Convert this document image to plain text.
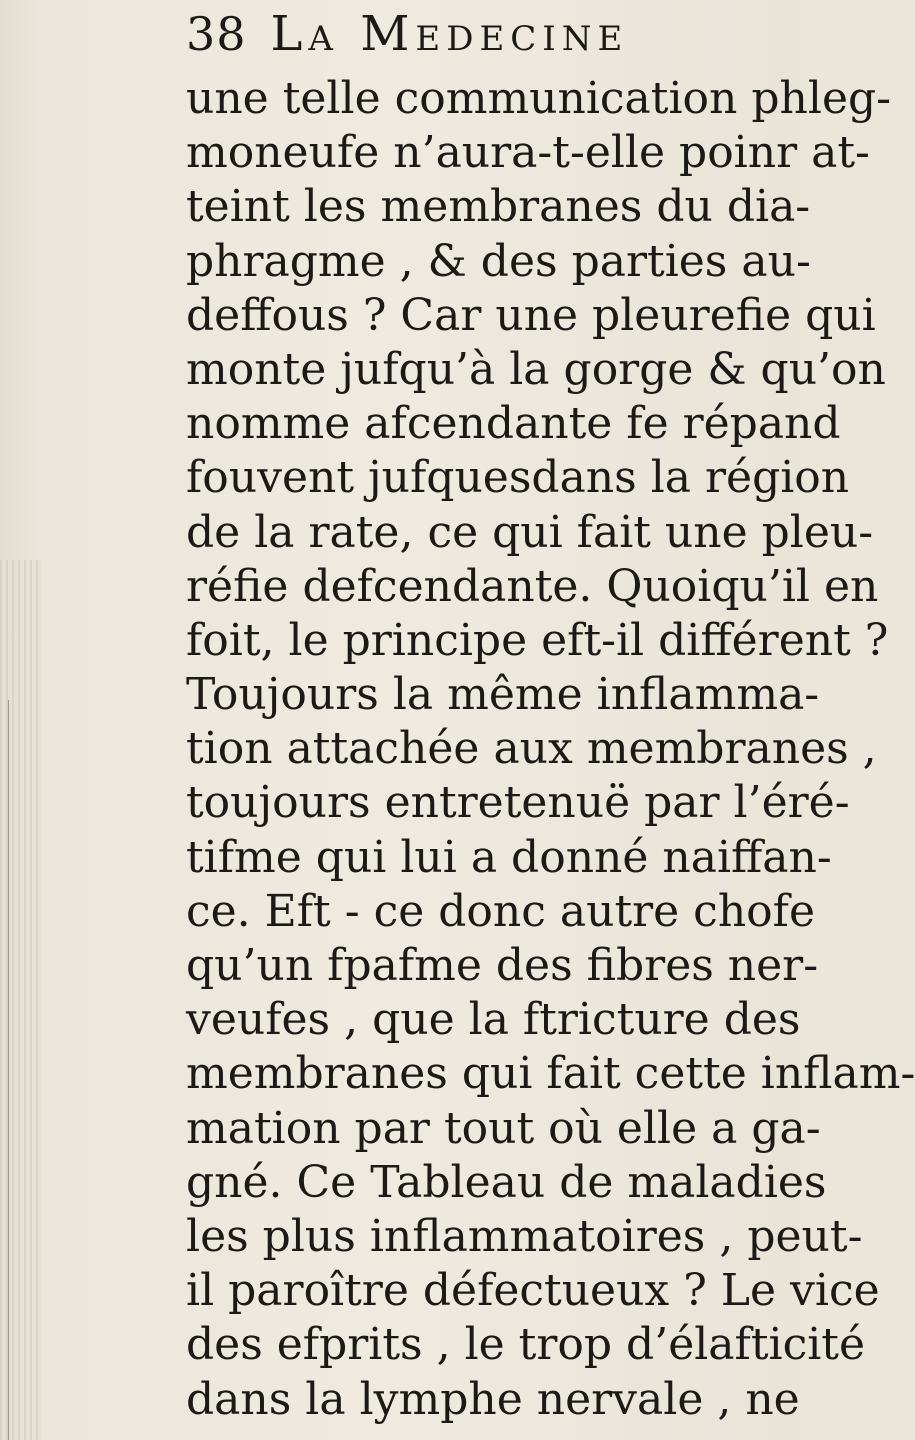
38 La Medecine
une telle communication phleg-
moneufe n’aura-t-elle poinr at-
teint les membranes du dia-
phragme , & des parties au-
deffous ? Car une pleurefie qui
monte jufqu’à la gorge & qu’on
nomme afcendante fe répand
fouvent jufquesdans la région
de la rate, ce qui fait une pleu-
réfie defcendante. Quoiqu’il en
foit, le principe eft-il différent ?
Toujours la même inflamma-
tion attachée aux membranes ,
toujours entretenuë par l’éré-
tifme qui lui a donné naiffan-
ce. Eft - ce donc autre chofe
qu’un fpafme des fibres ner-
veufes , que la ftricture des
membranes qui fait cette inflam-
mation par tout où elle a ga-
gné. Ce Tableau de maladies
les plus inflammatoires , peut-
il paroître défectueux ? Le vice
des efprits , le trop d’élafticité
dans la lymphe nervale , ne
